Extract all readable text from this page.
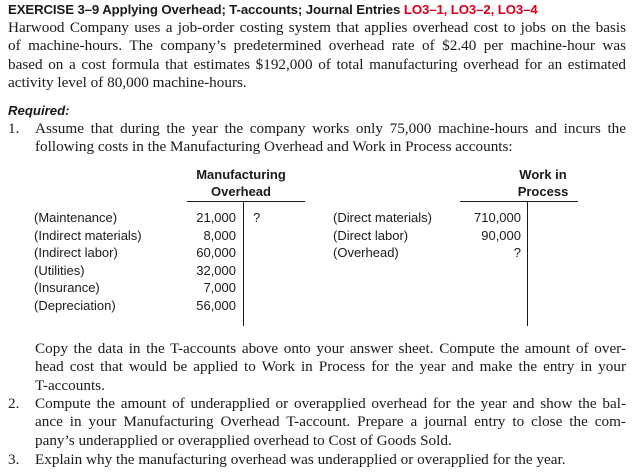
EXERCISE 3–9 Applying Overhead; T-accounts; Journal Entries LO3–1, LO3–2, LO3–4
Harwood Company uses a job-order costing system that applies overhead cost to jobs on the basis
of machine-hours. The company’s predetermined overhead rate of $2.40 per machine-hour was
based on a cost formula that estimates $192,000 of total manufacturing overhead for an estimated
activity level of 80,000 machine-hours.
Required:
1. Assume that during the year the company works only 75,000 machine-hours and incurs the
following costs in the Manufacturing Overhead and Work in Process accounts:
Manufacturing
Overhead
(Maintenance)
(Indirect materials)
(Indirect labor)
(Utilities)
(Insurance)
(Depreciation)
21,000
8,000
60,000
32,000
7,000
56,000
?
Work in
Process
(Direct materials)
(Direct labor)
(Overhead)
710,000
90,000
?
Copy the data in the T-accounts above onto your answer sheet. Compute the amount of over-
head cost that would be applied to Work in Process for the year and make the entry in your
T-accounts.
2. Compute the amount of underapplied or overapplied overhead for the year and show the bal-
ance in your Manufacturing Overhead T-account. Prepare a journal entry to close the com-
pany’s underapplied or overapplied overhead to Cost of Goods Sold.
3. Explain why the manufacturing overhead was underapplied or overapplied for the year.
